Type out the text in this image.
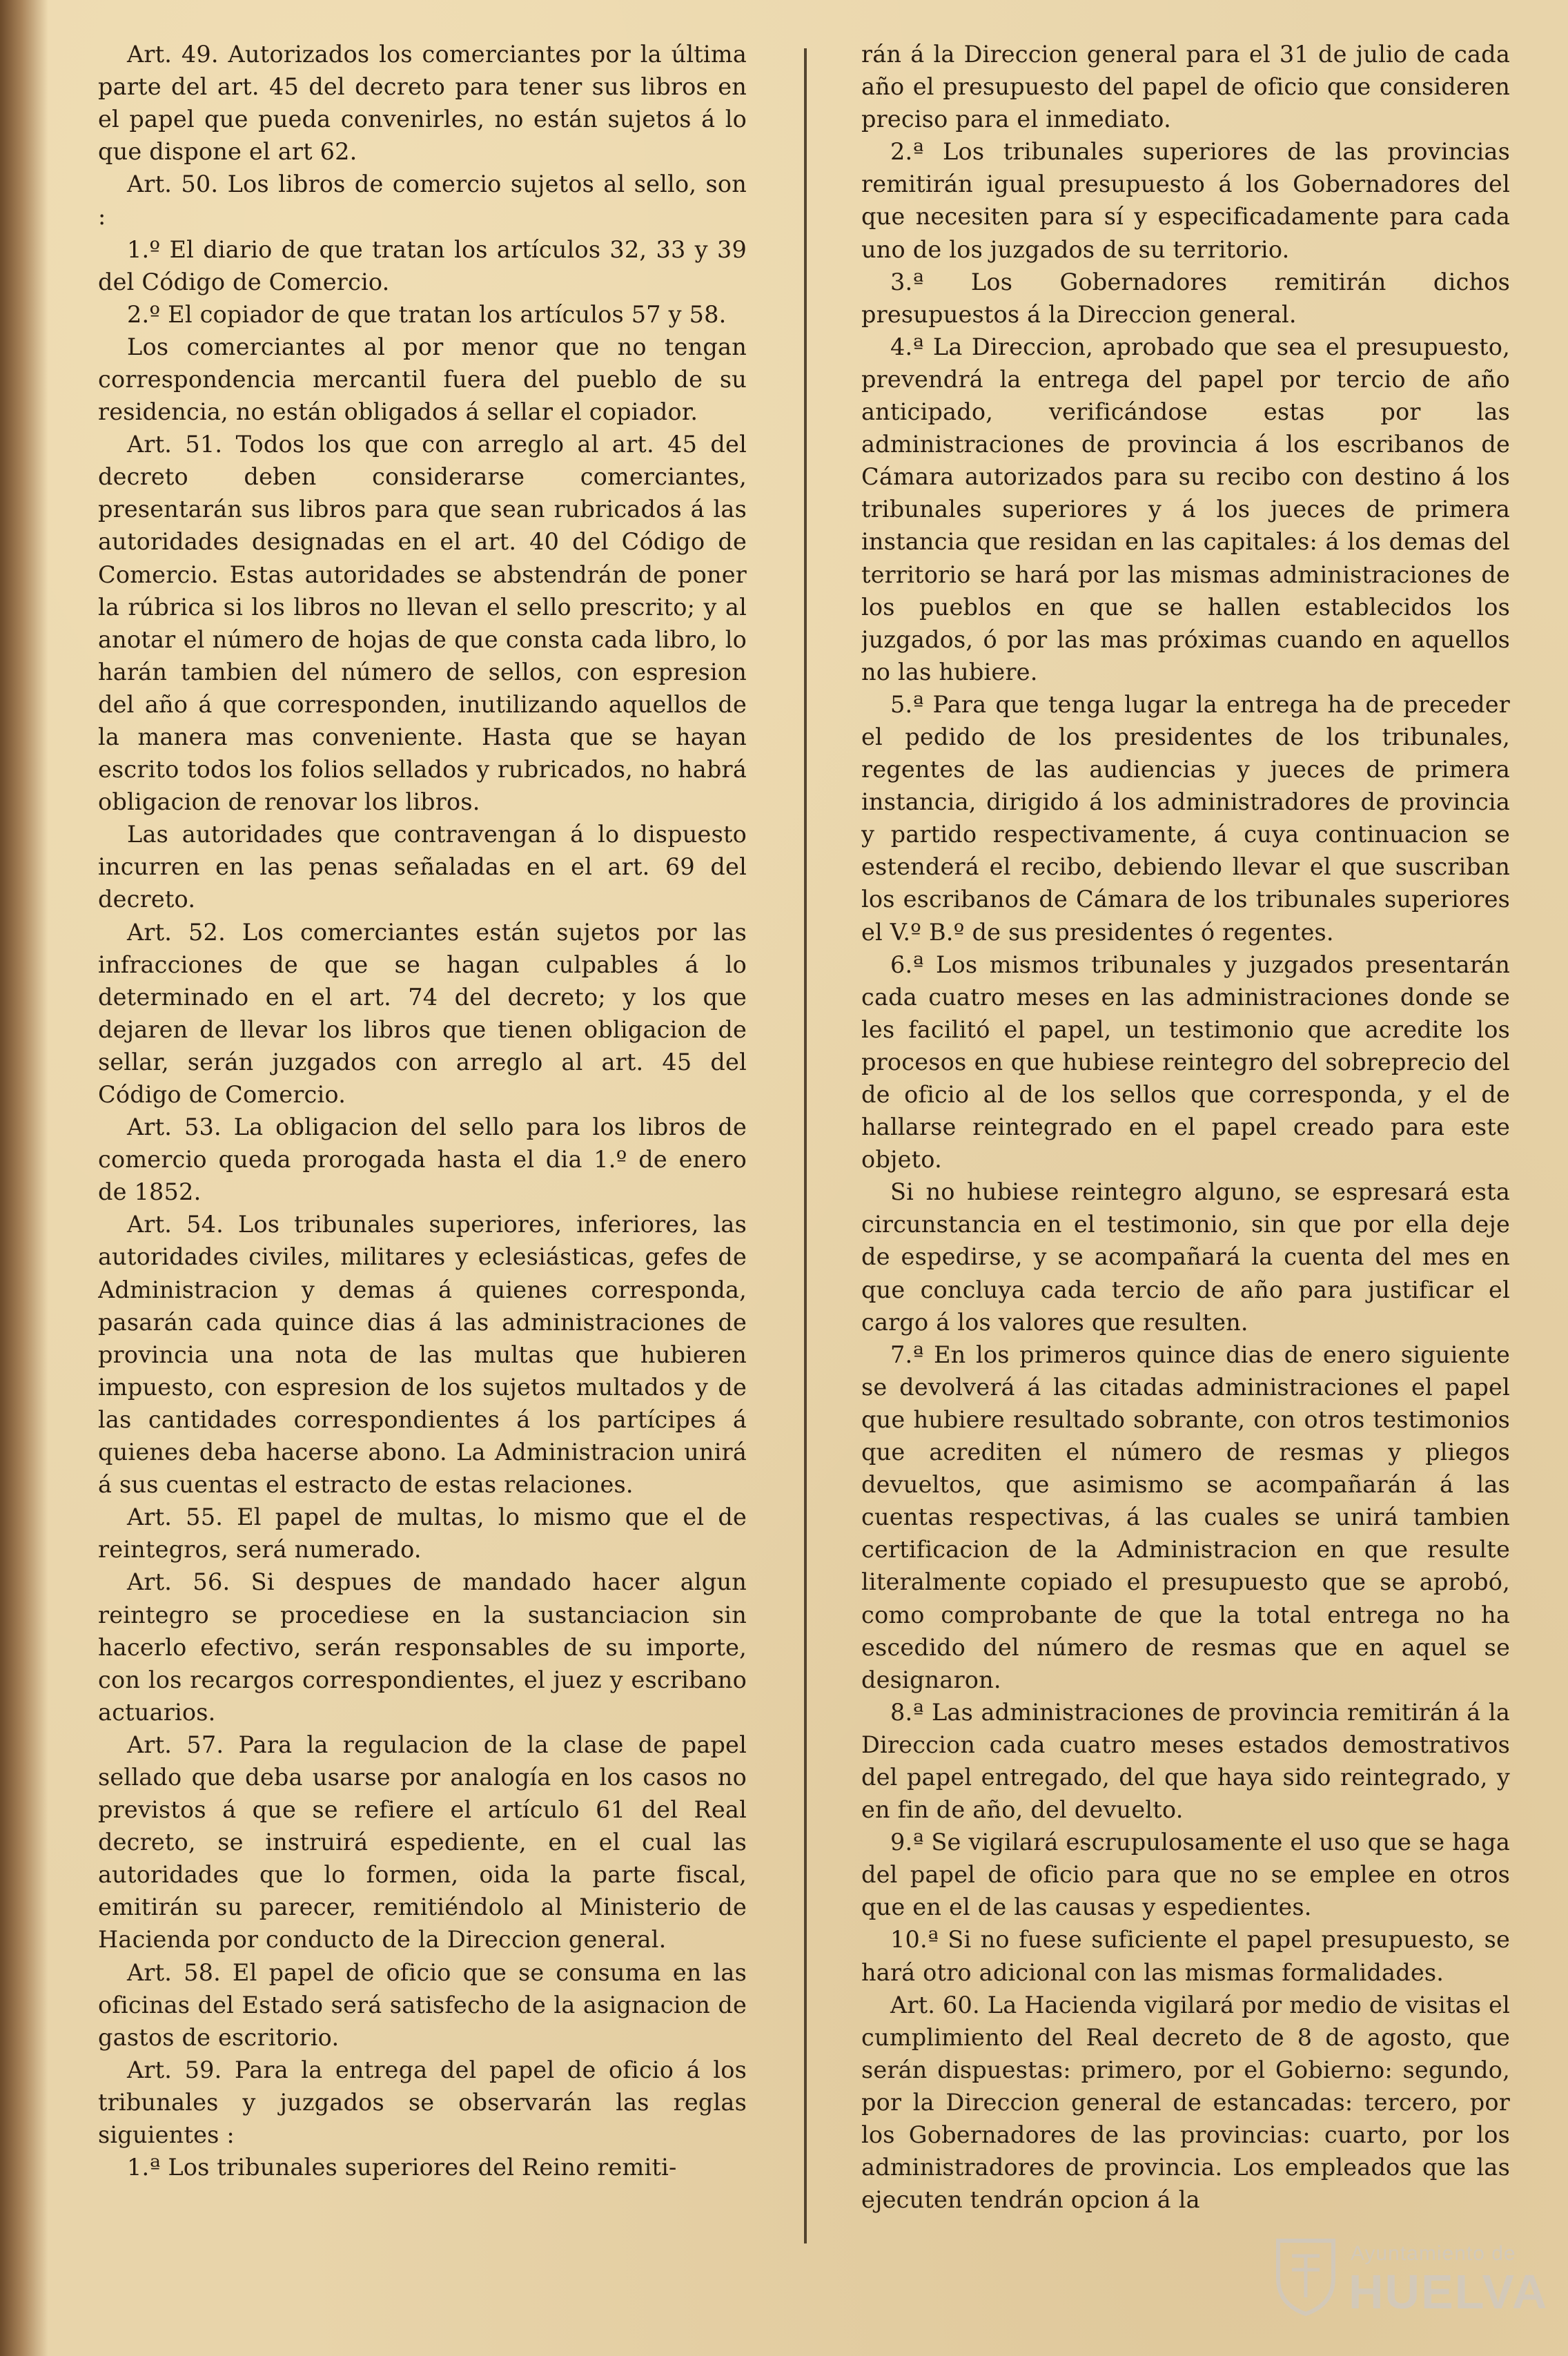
Art. 49. Autorizados los comerciantes por la última parte del art. 45 del decreto para tener sus libros en el papel que pueda convenirles, no están sujetos á lo que dispone el art 62.

Art. 50. Los libros de comercio sujetos al sello, son :

1.º El diario de que tratan los artículos 32, 33 y 39 del Código de Comercio.

2.º El copiador de que tratan los artículos 57 y 58.

Los comerciantes al por menor que no tengan correspondencia mercantil fuera del pueblo de su residencia, no están obligados á sellar el copiador.

Art. 51. Todos los que con arreglo al art. 45 del decreto deben considerarse comerciantes, presentarán sus libros para que sean rubricados á las autoridades designadas en el art. 40 del Código de Comercio. Estas autoridades se abstendrán de poner la rúbrica si los libros no llevan el sello prescrito; y al anotar el número de hojas de que consta cada libro, lo harán tambien del número de sellos, con espresion del año á que corresponden, inutilizando aquellos de la manera mas conveniente. Hasta que se hayan escrito todos los folios sellados y rubricados, no habrá obligacion de renovar los libros.

Las autoridades que contravengan á lo dispuesto incurren en las penas señaladas en el art. 69 del decreto.

Art. 52. Los comerciantes están sujetos por las infracciones de que se hagan culpables á lo determinado en el art. 74 del decreto; y los que dejaren de llevar los libros que tienen obligacion de sellar, serán juzgados con arreglo al art. 45 del Código de Comercio.

Art. 53. La obligacion del sello para los libros de comercio queda prorogada hasta el dia 1.º de enero de 1852.

Art. 54. Los tribunales superiores, inferiores, las autoridades civiles, militares y eclesiásticas, gefes de Administracion y demas á quienes corresponda, pasarán cada quince dias á las administraciones de provincia una nota de las multas que hubieren impuesto, con espresion de los sujetos multados y de las cantidades correspondientes á los partícipes á quienes deba hacerse abono. La Administracion unirá á sus cuentas el estracto de estas relaciones.

Art. 55. El papel de multas, lo mismo que el de reintegros, será numerado.

Art. 56. Si despues de mandado hacer algun reintegro se procediese en la sustanciacion sin hacerlo efectivo, serán responsables de su importe, con los recargos correspondientes, el juez y escribano actuarios.

Art. 57. Para la regulacion de la clase de papel sellado que deba usarse por analogía en los casos no previstos á que se refiere el artículo 61 del Real decreto, se instruirá espediente, en el cual las autoridades que lo formen, oida la parte fiscal, emitirán su parecer, remitiéndolo al Ministerio de Hacienda por conducto de la Direccion general.

Art. 58. El papel de oficio que se consuma en las oficinas del Estado será satisfecho de la asignacion de gastos de escritorio.

Art. 59. Para la entrega del papel de oficio á los tribunales y juzgados se observarán las reglas siguientes :

1.ª Los tribunales superiores del Reino remiti-

rán á la Direccion general para el 31 de julio de cada año el presupuesto del papel de oficio que consideren preciso para el inmediato.

2.ª Los tribunales superiores de las provincias remitirán igual presupuesto á los Gobernadores del que necesiten para sí y especificadamente para cada uno de los juzgados de su territorio.

3.ª Los Gobernadores remitirán dichos presupuestos á la Direccion general.

4.ª La Direccion, aprobado que sea el presupuesto, prevendrá la entrega del papel por tercio de año anticipado, verificándose estas por las administraciones de provincia á los escribanos de Cámara autorizados para su recibo con destino á los tribunales superiores y á los jueces de primera instancia que residan en las capitales: á los demas del territorio se hará por las mismas administraciones de los pueblos en que se hallen establecidos los juzgados, ó por las mas próximas cuando en aquellos no las hubiere.

5.ª Para que tenga lugar la entrega ha de preceder el pedido de los presidentes de los tribunales, regentes de las audiencias y jueces de primera instancia, dirigido á los administradores de provincia y partido respectivamente, á cuya continuacion se estenderá el recibo, debiendo llevar el que suscriban los escribanos de Cámara de los tribunales superiores el V.º B.º de sus presidentes ó regentes.

6.ª Los mismos tribunales y juzgados presentarán cada cuatro meses en las administraciones donde se les facilitó el papel, un testimonio que acredite los procesos en que hubiese reintegro del sobreprecio del de oficio al de los sellos que corresponda, y el de hallarse reintegrado en el papel creado para este objeto.

Si no hubiese reintegro alguno, se espresará esta circunstancia en el testimonio, sin que por ella deje de espedirse, y se acompañará la cuenta del mes en que concluya cada tercio de año para justificar el cargo á los valores que resulten.

7.ª En los primeros quince dias de enero siguiente se devolverá á las citadas administraciones el papel que hubiere resultado sobrante, con otros testimonios que acrediten el número de resmas y pliegos devueltos, que asimismo se acompañarán á las cuentas respectivas, á las cuales se unirá tambien certificacion de la Administracion en que resulte literalmente copiado el presupuesto que se aprobó, como comprobante de que la total entrega no ha escedido del número de resmas que en aquel se designaron.

8.ª Las administraciones de provincia remitirán á la Direccion cada cuatro meses estados demostrativos del papel entregado, del que haya sido reintegrado, y en fin de año, del devuelto.

9.ª Se vigilará escrupulosamente el uso que se haga del papel de oficio para que no se emplee en otros que en el de las causas y espedientes.

10.ª Si no fuese suficiente el papel presupuesto, se hará otro adicional con las mismas formalidades.

Art. 60. La Hacienda vigilará por medio de visitas el cumplimiento del Real decreto de 8 de agosto, que serán dispuestas: primero, por el Gobierno: segundo, por la Direccion general de estancadas: tercero, por los Gobernadores de las provincias: cuarto, por los administradores de provincia. Los empleados que las ejecuten tendrán opcion á la

Ayuntamiento de
HUELVA
